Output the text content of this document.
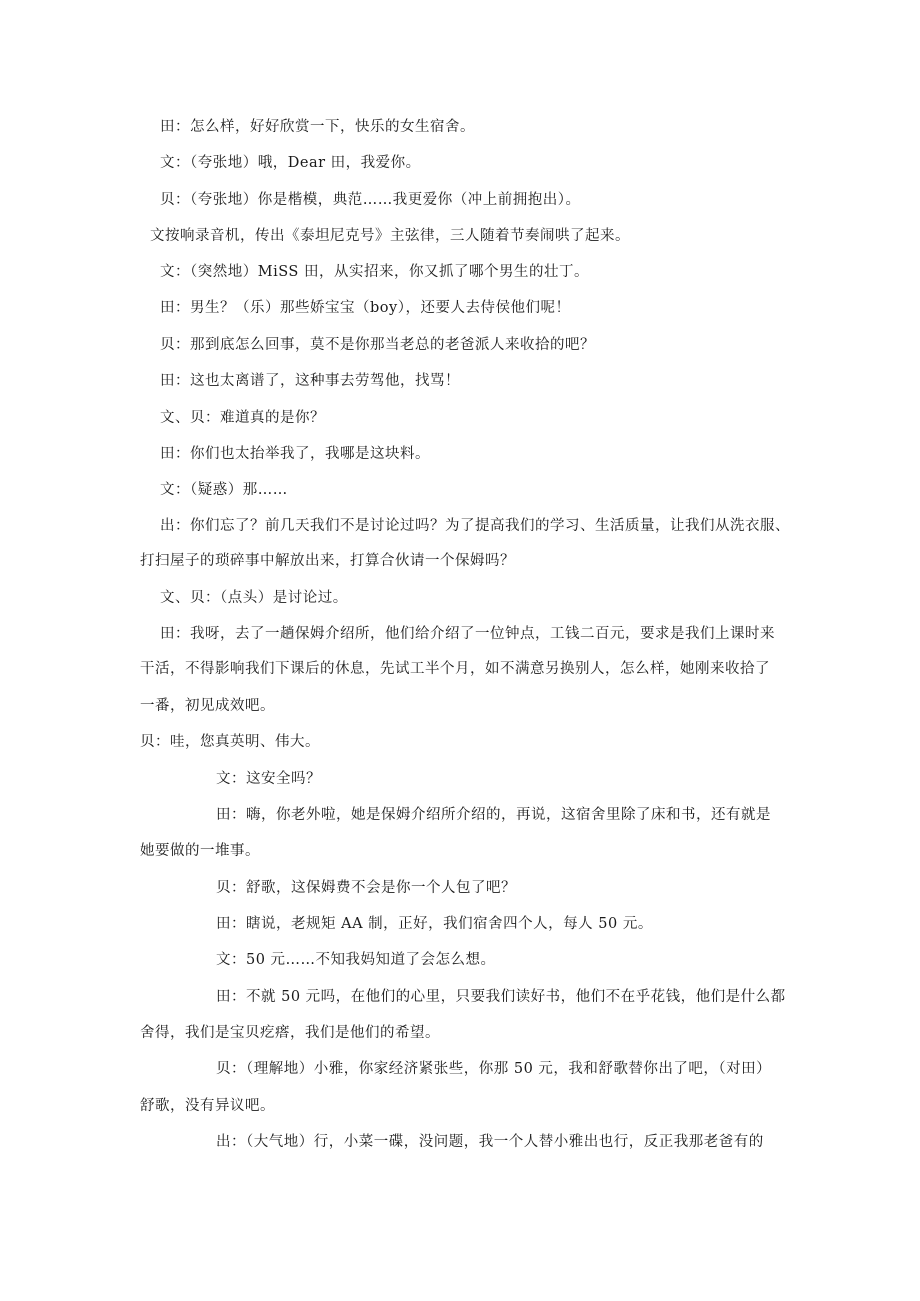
田：怎么样，好好欣赏一下，快乐的女生宿舍。
文：（夸张地）哦，Dear 田，我爱你。
贝：（夸张地）你是楷模，典范……我更爱你（冲上前拥抱出）。
文按响录音机，传出《泰坦尼克号》主弦律，三人随着节奏闹哄了起来。
文：（突然地）MiSS 田，从实招来，你又抓了哪个男生的壮丁。
田：男生？（乐）那些娇宝宝（boy），还要人去侍侯他们呢！
贝：那到底怎么回事，莫不是你那当老总的老爸派人来收拾的吧？
田：这也太离谱了，这种事去劳驾他，找骂！
文、贝：难道真的是你？
田：你们也太抬举我了，我哪是这块料。
文：（疑惑）那……
出：你们忘了？前几天我们不是讨论过吗？为了提高我们的学习、生活质量，让我们从洗衣服、
打扫屋子的琐碎事中解放出来，打算合伙请一个保姆吗？
文、贝：（点头）是讨论过。
田：我呀，去了一趟保姆介绍所，他们给介绍了一位钟点，工钱二百元，要求是我们上课时来
干活，不得影响我们下课后的休息，先试工半个月，如不满意另换别人，怎么样，她刚来收拾了
一番，初见成效吧。
贝：哇，您真英明、伟大。
文：这安全吗？
田：嗨，你老外啦，她是保姆介绍所介绍的，再说，这宿舍里除了床和书，还有就是
她要做的一堆事。
贝：舒歌，这保姆费不会是你一个人包了吧？
田：瞎说，老规矩 AA 制，正好，我们宿舍四个人，每人 50 元。
文：50 元……不知我妈知道了会怎么想。
田：不就 50 元吗，在他们的心里，只要我们读好书，他们不在乎花钱，他们是什么都
舍得，我们是宝贝疙瘩，我们是他们的希望。
贝：（理解地）小雅，你家经济紧张些，你那 50 元，我和舒歌替你出了吧，（对田）
舒歌，没有异议吧。
出：（大气地）行，小菜一碟，没问题，我一个人替小雅出也行，反正我那老爸有的
